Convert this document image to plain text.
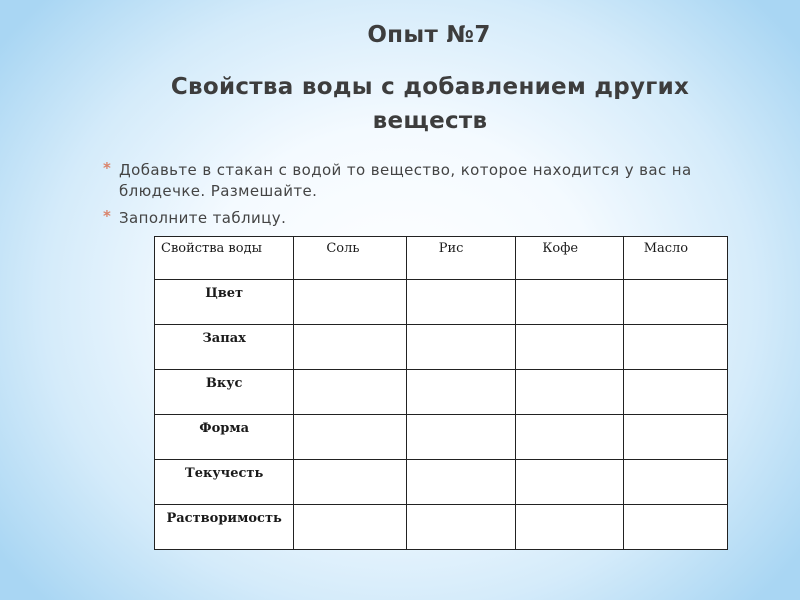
Опыт №7
Свойства воды с добавлением других веществ
* Добавьте в стакан с водой то вещество, которое находится у вас на блюдечке. Размешайте.
* Заполните таблицу.
Свойства воды	Соль	Рис	Кофе	Масло
Цвет				
Запах				
Вкус				
Форма				
Текучесть				
Растворимость				
